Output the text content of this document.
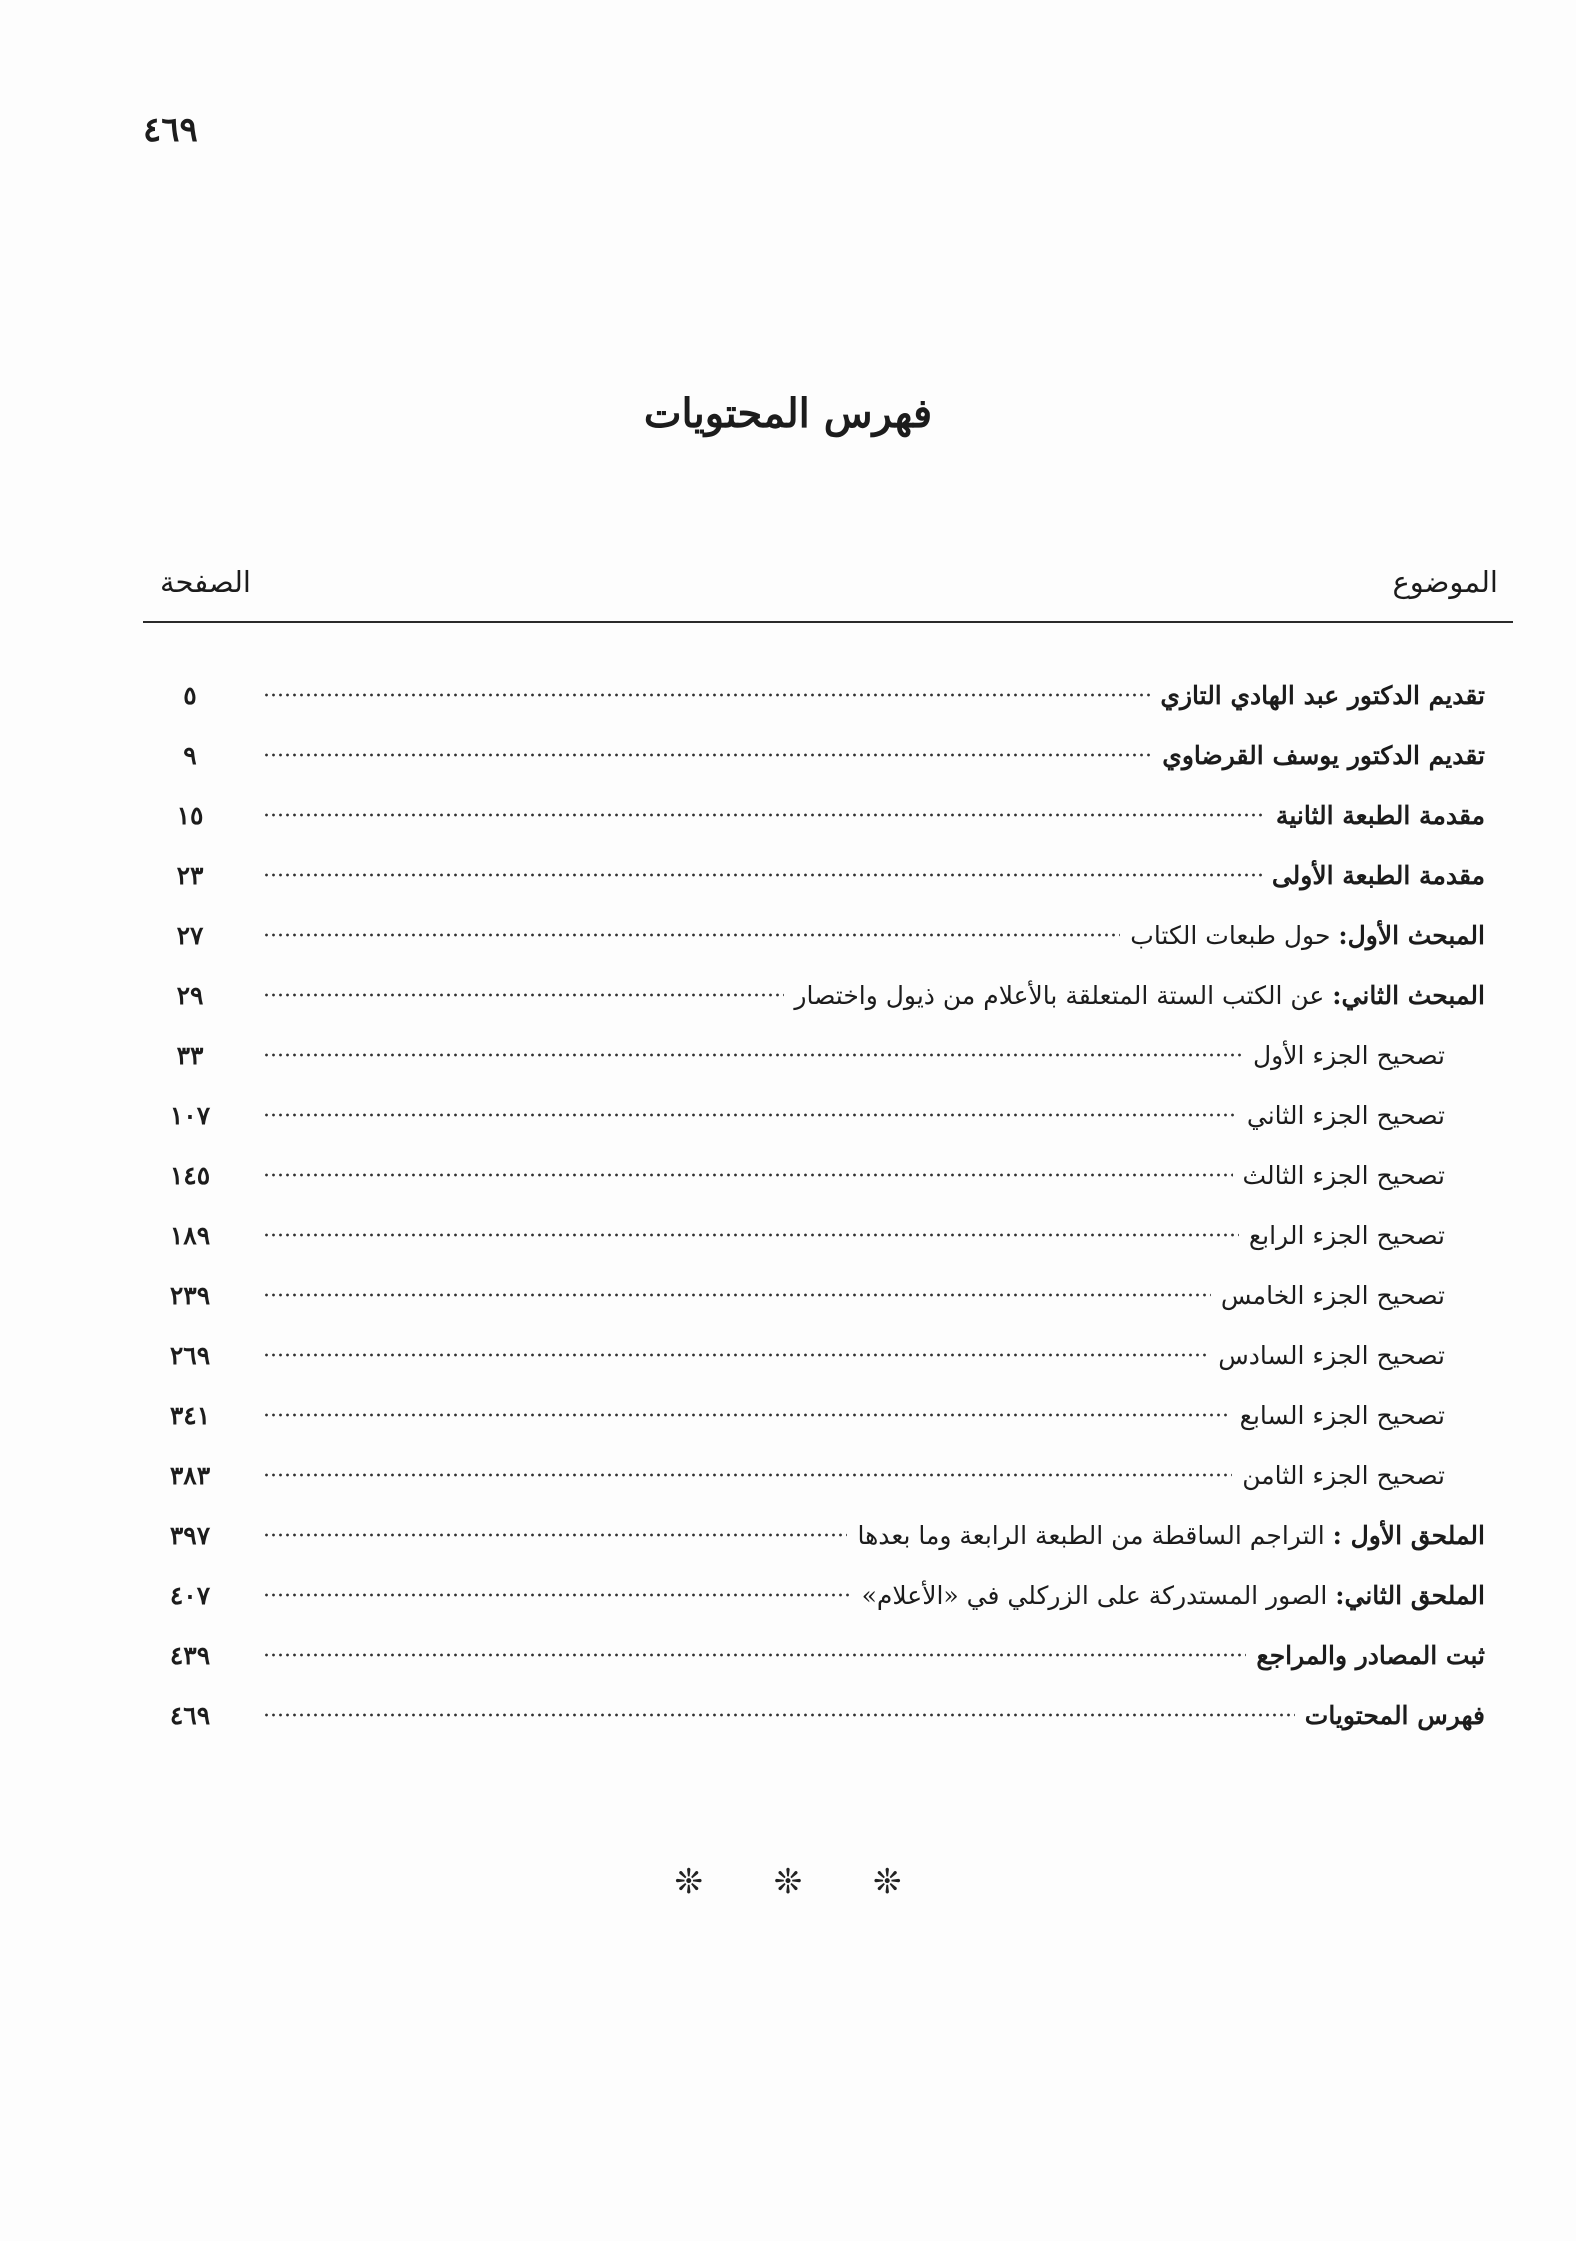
٤٦٩
فهرس المحتويات
الموضوع
الصفحة
تقديم الدكتور عبد الهادي التازي
٥
تقديم الدكتور يوسف القرضاوي
٩
مقدمة الطبعة الثانية
١٥
مقدمة الطبعة الأولى
٢٣
المبحث الأول: حول طبعات الكتاب
٢٧
المبحث الثاني: عن الكتب الستة المتعلقة بالأعلام من ذيول واختصار
٢٩
تصحيح الجزء الأول
٣٣
تصحيح الجزء الثاني
١٠٧
تصحيح الجزء الثالث
١٤٥
تصحيح الجزء الرابع
١٨٩
تصحيح الجزء الخامس
٢٣٩
تصحيح الجزء السادس
٢٦٩
تصحيح الجزء السابع
٣٤١
تصحيح الجزء الثامن
٣٨٣
الملحق الأول : التراجم الساقطة من الطبعة الرابعة وما بعدها
٣٩٧
الملحق الثاني: الصور المستدركة على الزركلي في «الأعلام»
٤٠٧
ثبت المصادر والمراجع
٤٣٩
فهرس المحتويات
٤٦٩
❊ ❊ ❊
